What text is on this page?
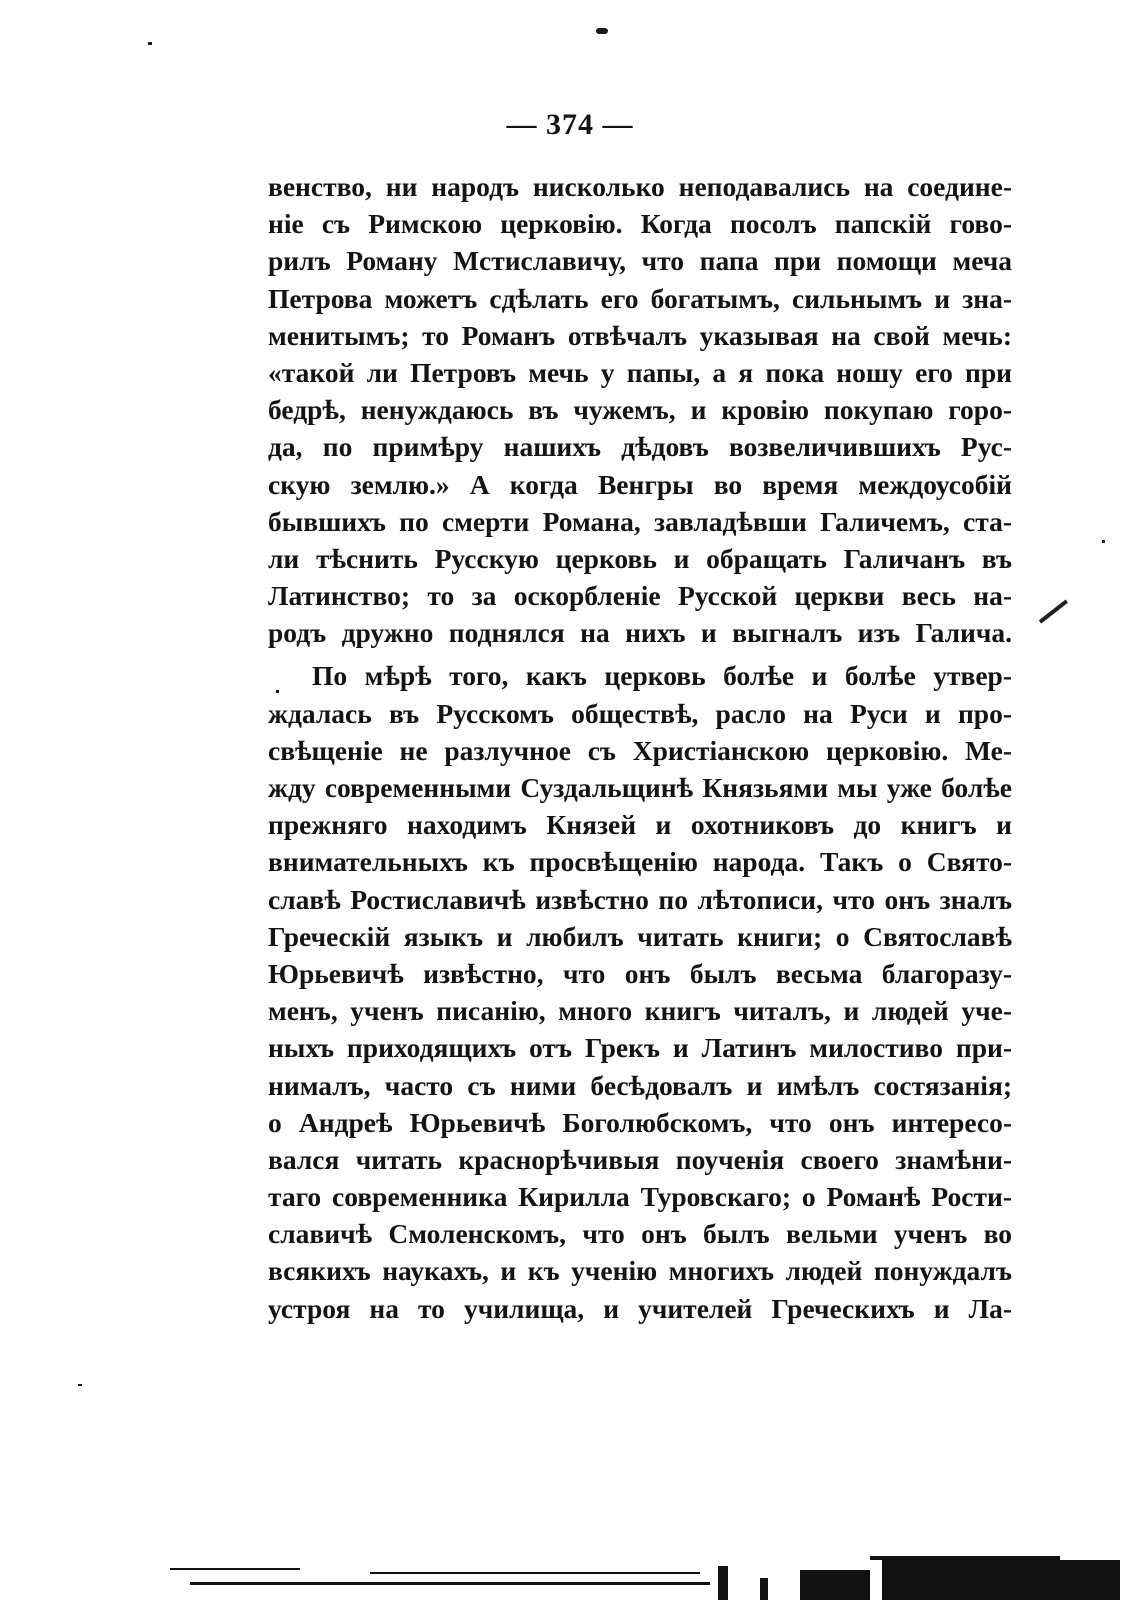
— 374 —
венство, ни народъ нисколько неподавались на соедине-
ніе съ Римскою церковію. Когда посолъ папскій гово-
рилъ Роману Мстиславичу, что папа при помощи меча
Петрова можетъ сдѣлать его богатымъ, сильнымъ и зна-
менитымъ; то Романъ отвѣчалъ указывая на свой мечь:
«такой ли Петровъ мечь у папы, а я пока ношу его при
бедрѣ, ненуждаюсь въ чужемъ, и кровію покупаю горо-
да, по примѣру нашихъ дѣдовъ возвеличившихъ Рус-
скую землю.» А когда Венгры во время междоусобій
бывшихъ по смерти Романа, завладѣвши Галичемъ, ста-
ли тѣснить Русскую церковь и обращать Галичанъ въ
Латинство; то за оскорбленіе Русской церкви весь на-
родъ дружно поднялся на нихъ и выгналъ изъ Галича.
По мѣрѣ того, какъ церковь болѣе и болѣе утвер-
ждалась въ Русскомъ обществѣ, расло на Руси и про-
свѣщеніе не разлучное съ Христіанскою церковію. Ме-
жду современными Суздальщинѣ Князьями мы уже болѣе
прежняго находимъ Князей и охотниковъ до книгъ и
внимательныхъ къ просвѣщенію народа. Такъ о Свято-
славѣ Ростиславичѣ извѣстно по лѣтописи, что онъ зналъ
Греческій языкъ и любилъ читать книги; о Святославѣ
Юрьевичѣ извѣстно, что онъ былъ весьма благоразу-
менъ, ученъ писанію, много книгъ читалъ, и людей уче-
ныхъ приходящихъ отъ Грекъ и Латинъ милостиво при-
нималъ, часто съ ними бесѣдовалъ и имѣлъ состязанія;
о Андреѣ Юрьевичѣ Боголюбскомъ, что онъ интересо-
вался читать краснорѣчивыя поученія своего знамѣни-
таго современника Кирилла Туровскаго; о Романѣ Рости-
славичѣ Смоленскомъ, что онъ былъ вельми ученъ во
всякихъ наукахъ, и къ ученію многихъ людей понуждалъ
устроя на то училища, и учителей Греческихъ и Ла-
